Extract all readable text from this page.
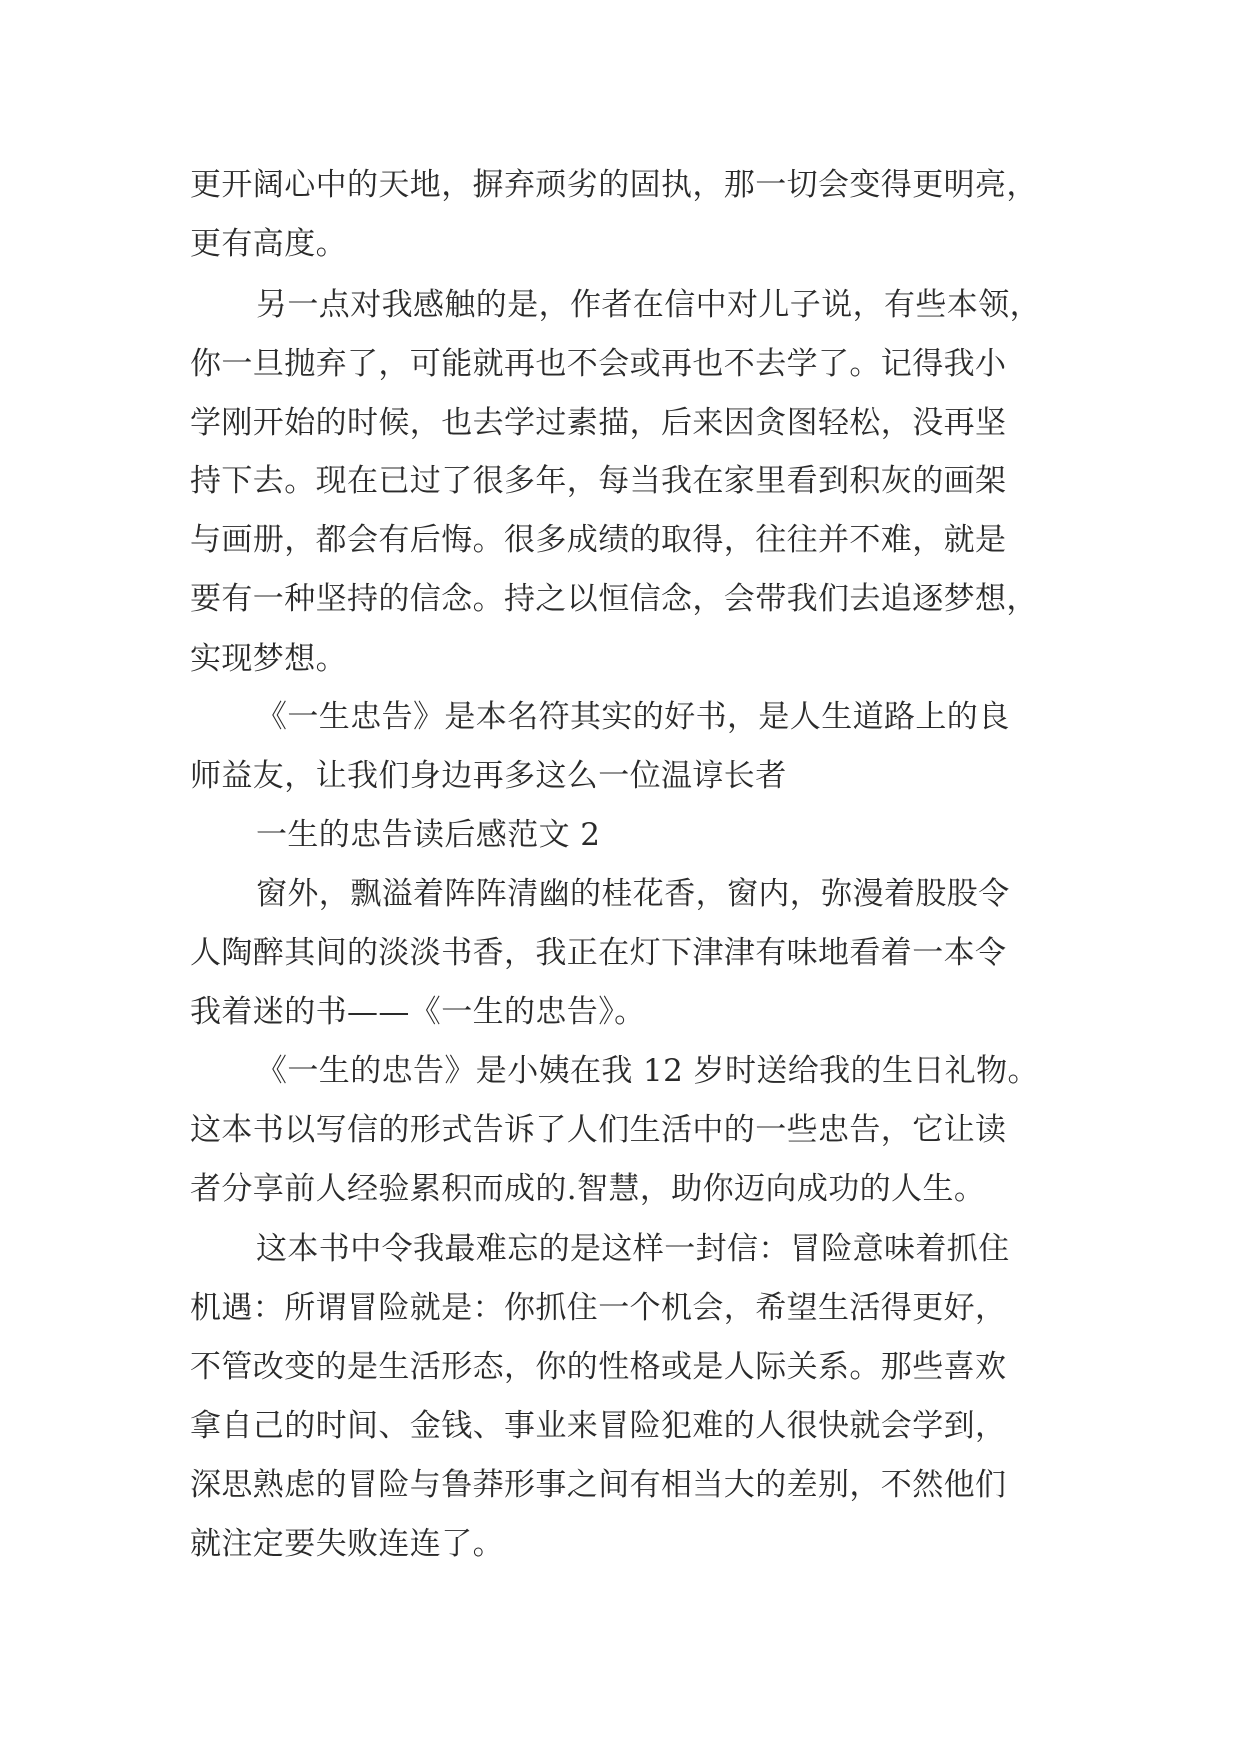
更开阔心中的天地，摒弃顽劣的固执，那一切会变得更明亮，

更有高度。

另一点对我感触的是，作者在信中对儿子说，有些本领，

你一旦抛弃了，可能就再也不会或再也不去学了。记得我小

学刚开始的时候，也去学过素描，后来因贪图轻松，没再坚

持下去。现在已过了很多年，每当我在家里看到积灰的画架

与画册，都会有后悔。很多成绩的取得，往往并不难，就是

要有一种坚持的信念。持之以恒信念，会带我们去追逐梦想，

实现梦想。

《一生忠告》是本名符其实的好书，是人生道路上的良

师益友，让我们身边再多这么一位温谆长者

一生的忠告读后感范文 2

窗外，飘溢着阵阵清幽的桂花香，窗内，弥漫着股股令

人陶醉其间的淡淡书香，我正在灯下津津有味地看着一本令

我着迷的书——《一生的忠告》。

《一生的忠告》是小姨在我 12 岁时送给我的生日礼物。

这本书以写信的形式告诉了人们生活中的一些忠告，它让读

者分享前人经验累积而成的.智慧，助你迈向成功的人生。

这本书中令我最难忘的是这样一封信：冒险意味着抓住

机遇：所谓冒险就是：你抓住一个机会，希望生活得更好，

不管改变的是生活形态，你的性格或是人际关系。那些喜欢

拿自己的时间、金钱、事业来冒险犯难的人很快就会学到，

深思熟虑的冒险与鲁莽形事之间有相当大的差别，不然他们

就注定要失败连连了。
